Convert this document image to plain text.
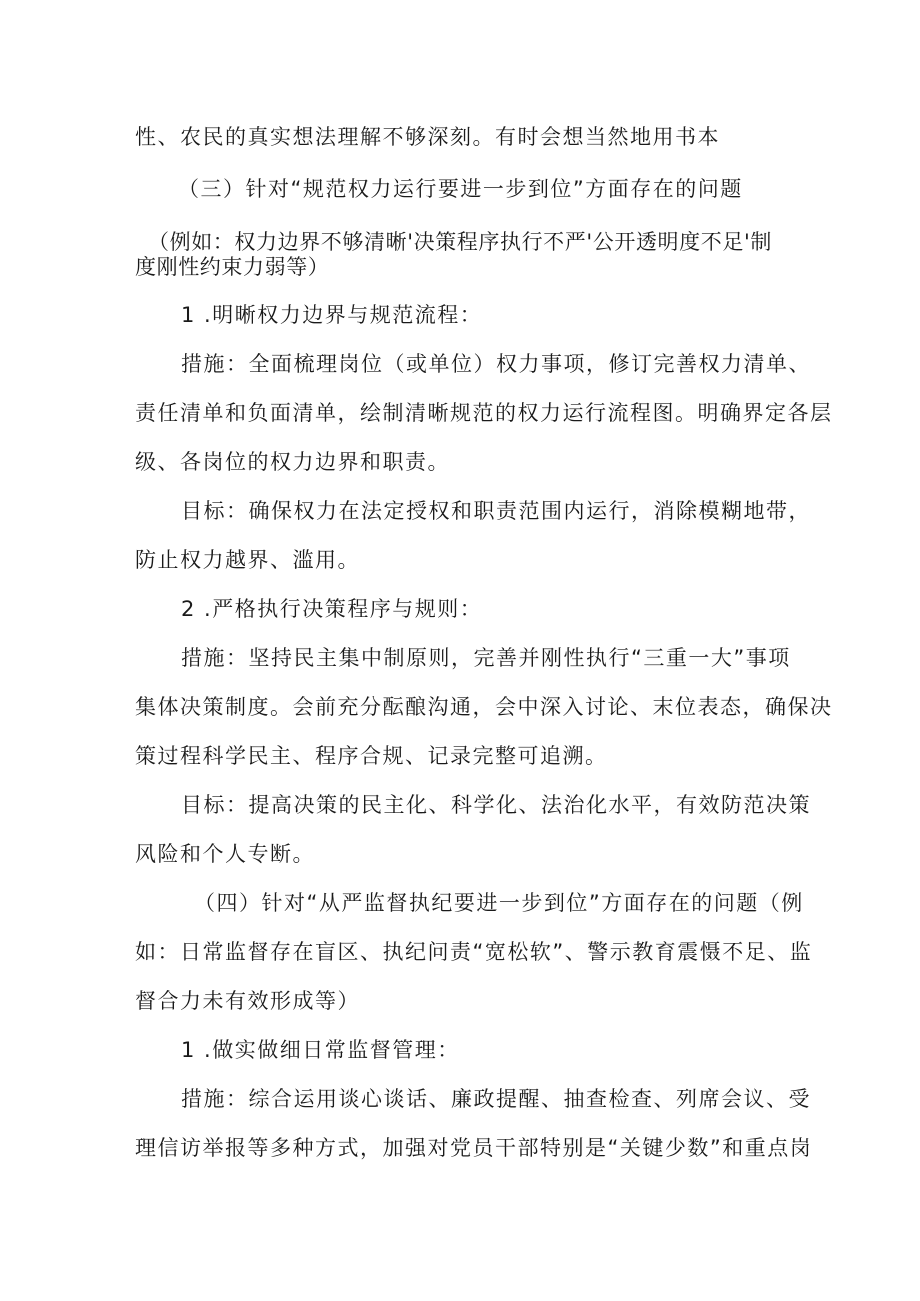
性、农民的真实想法理解不够深刻。有时会想当然地用书本
（三）针对“规范权力运行要进一步到位”方面存在的问题
（例如：权力边界不够清晰'决策程序执行不严'公开透明度不足'制
度刚性约束力弱等）
1 .明晰权力边界与规范流程：
措施：全面梳理岗位（或单位）权力事项，修订完善权力清单、
责任清单和负面清单，绘制清晰规范的权力运行流程图。明确界定各层
级、各岗位的权力边界和职责。
目标：确保权力在法定授权和职责范围内运行，消除模糊地带，
防止权力越界、滥用。
2 .严格执行决策程序与规则：
措施：坚持民主集中制原则，完善并刚性执行“三重一大”事项
集体决策制度。会前充分酝酿沟通，会中深入讨论、末位表态，确保决
策过程科学民主、程序合规、记录完整可追溯。
目标：提高决策的民主化、科学化、法治化水平，有效防范决策
风险和个人专断。
（四）针对“从严监督执纪要进一步到位”方面存在的问题（例
如：日常监督存在盲区、执纪问责“宽松软”、警示教育震慑不足、监
督合力未有效形成等）
1 .做实做细日常监督管理：
措施：综合运用谈心谈话、廉政提醒、抽查检查、列席会议、受
理信访举报等多种方式，加强对党员干部特别是“关键少数”和重点岗
